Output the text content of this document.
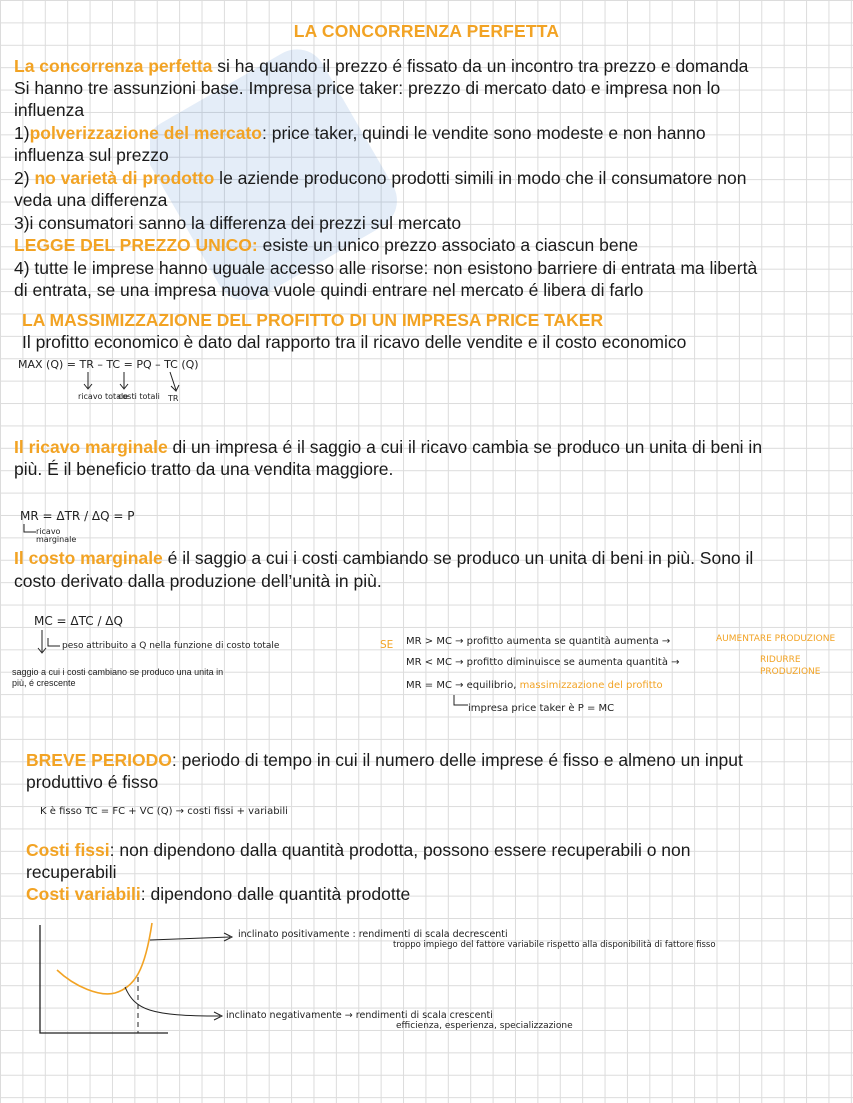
LA CONCORRENZA PERFETTA
La concorrenza perfetta si ha quando il prezzo é fissato da un incontro tra prezzo e domanda
Si hanno tre assunzioni base. Impresa price taker: prezzo di mercato dato e impresa non lo
influenza
1)polverizzazione del mercato: price taker, quindi le vendite sono modeste e non hanno
influenza sul prezzo
2) no varietà di prodotto le aziende producono prodotti simili in modo che il consumatore non
veda una differenza
3)i consumatori sanno la differenza dei prezzi sul mercato
LEGGE DEL PREZZO UNICO: esiste un unico prezzo associato a ciascun bene
4) tutte le imprese hanno uguale accesso alle risorse: non esistono barriere di entrata ma libertà
di entrata, se una impresa nuova vuole quindi entrare nel mercato é libera di farlo
LA MASSIMIZZAZIONE DEL PROFITTO DI UN IMPRESA PRICE TAKER
Il profitto economico è dato dal rapporto tra il ricavo delle vendite e il costo economico
MAX (Q) = TR – TC = PQ – TC (Q)
ricavo totale
costi totali TR
Il ricavo marginale di un impresa é il saggio a cui il ricavo cambia se produco un unita di beni in
più. É il beneficio tratto da una vendita maggiore.
MR = ΔTR / ΔQ = P
ricavo marginale
Il costo marginale é il saggio a cui i costi cambiando se produco un unita di beni in più. Sono il
costo derivato dalla produzione dell’unità in più.
MC = ΔTC / ΔQ
peso attribuito a Q nella funzione di costo totale
saggio a cui i costi cambiano se produco una unita in più, é crescente
SE MR > MC → profitto aumenta se quantità aumenta →	AUMENTARE PRODUZIONE
MR < MC → profitto diminuisce se aumenta quantità →	RIDURRE
PRODUZIONE
MR = MC → equilibrio, massimizzazione del profitto
impresa price taker è P = MC
BREVE PERIODO: periodo di tempo in cui il numero delle imprese é fisso e almeno un input
produttivo é fisso
K è fisso TC = FC + VC (Q) → costi fissi + variabili
Costi fissi: non dipendono dalla quantità prodotta, possono essere recuperabili o non
recuperabili
Costi variabili: dipendono dalle quantità prodotte
inclinato positivamente : rendimenti di scala decrescenti
troppo impiego del fattore variabile rispetto alla disponibilità di fattore fisso
inclinato negativamente → rendimenti di scala crescenti
efficienza, esperienza, specializzazione
